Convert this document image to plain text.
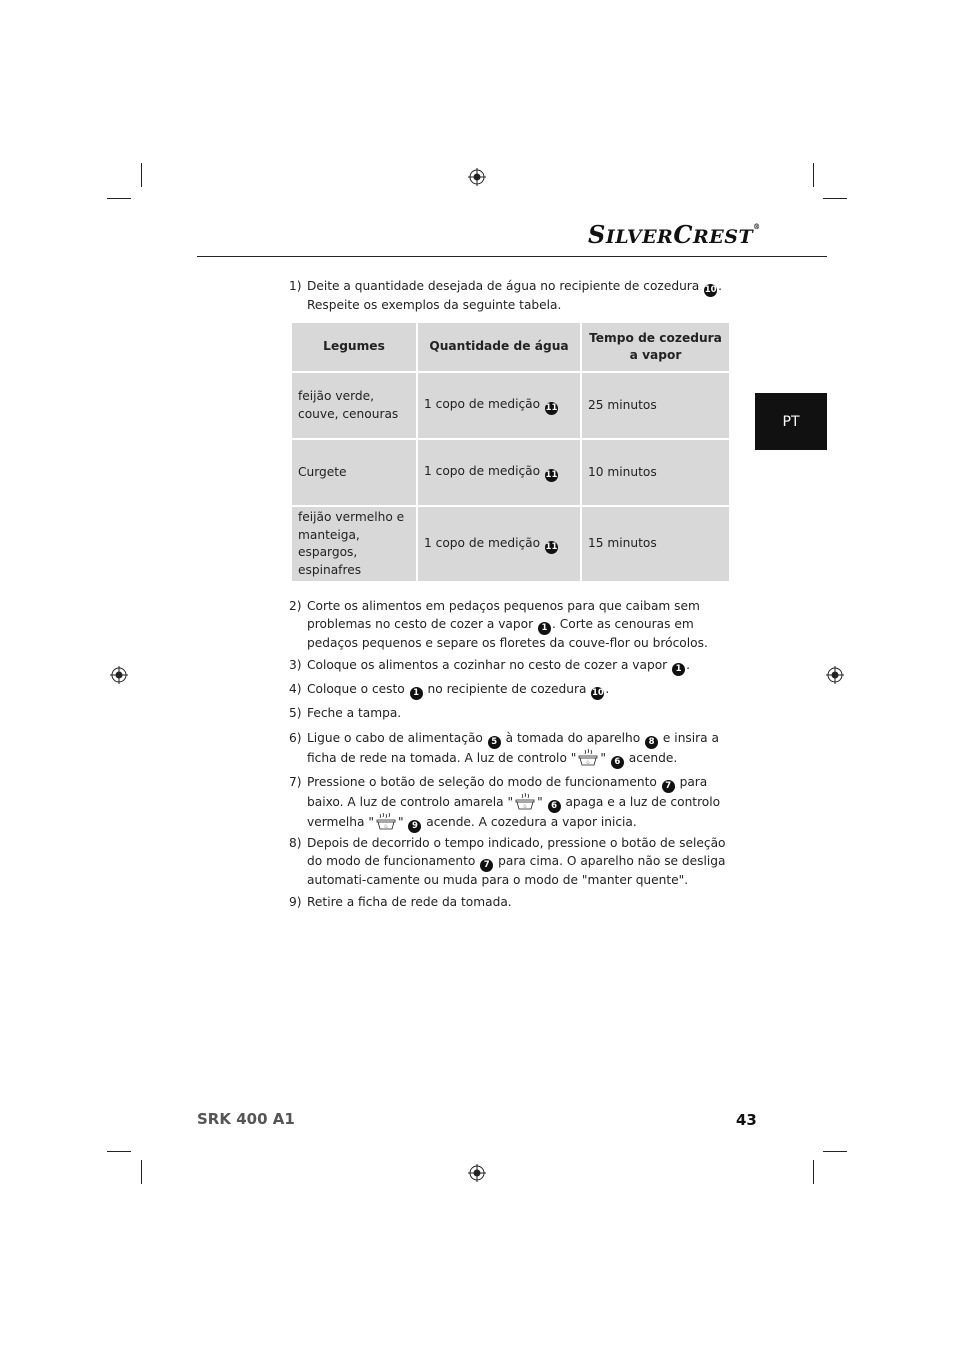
SILVERCREST®
PT
1) Deite a quantidade desejada de água no recipiente de cozedura 10 . Respeite os exemplos da seguinte tabela.
Legumes	Quantidade de água	Tempo de cozedura a vapor
feijão verde, couve, cenouras	1 copo de medição 11	25 minutos
Curgete	1 copo de medição 11	10 minutos
feijão vermelho e manteiga, espargos, espinafres	1 copo de medição 11	15 minutos
2) Corte os alimentos em pedaços pequenos para que caibam sem problemas no cesto de cozer a vapor 1 . Corte as cenouras em pedaços pequenos e separe os floretes da couve-flor ou brócolos.
3) Coloque os alimentos a cozinhar no cesto de cozer a vapor 1 .
4) Coloque o cesto 1 no recipiente de cozedura 10 .
5) Feche a tampa.
6) Ligue o cabo de alimentação 5 à tomada do aparelho 8 e insira a ficha de rede na tomada. A luz de controlo " ♨ " 6 acende.
7) Pressione o botão de seleção do modo de funcionamento 7 para baixo. A luz de controlo amarela " ♨ " 6 apaga e a luz de controlo vermelha " ♨ " 9 acende. A cozedura a vapor inicia.
8) Depois de decorrido o tempo indicado, pressione o botão de seleção do modo de funcionamento 7 para cima. O aparelho não se desliga automati-camente ou muda para o modo de "manter quente".
9) Retire a ficha de rede da tomada.
SRK 400 A1	43
